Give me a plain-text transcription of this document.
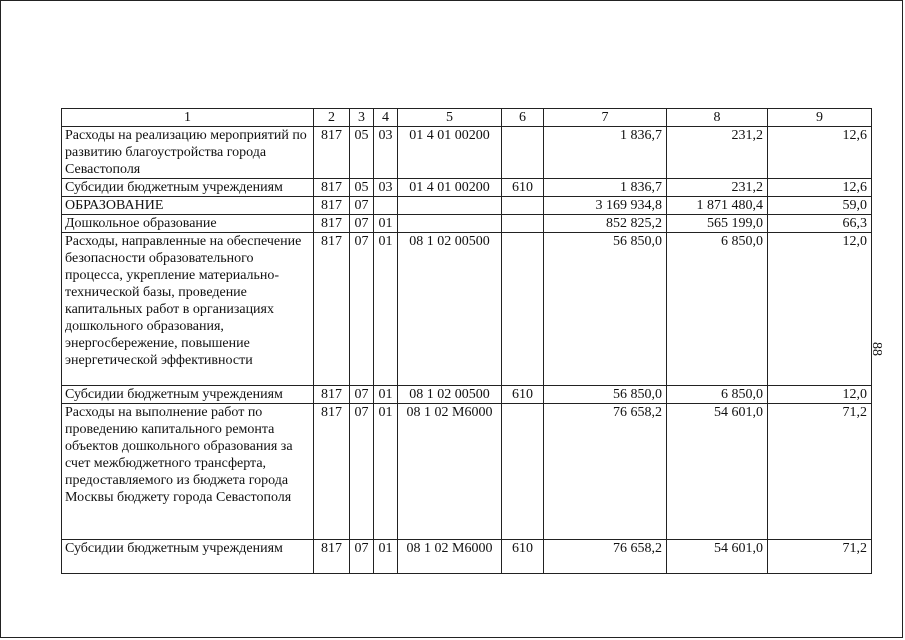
88
1	2	3	4	5	6	7	8	9
Расходы на реализацию мероприятий по развитию благоустройства города Севастополя	817	05	03	01 4 01 00200		1 836,7	231,2	12,6
Субсидии бюджетным учреждениям	817	05	03	01 4 01 00200	610	1 836,7	231,2	12,6
ОБРАЗОВАНИЕ	817	07				3 169 934,8	1 871 480,4	59,0
Дошкольное образование	817	07	01			852 825,2	565 199,0	66,3
Расходы, направленные на обеспечение безопасности образовательного процесса, укрепление материально-технической базы, проведение капитальных работ в организациях дошкольного образования, энергосбережение, повышение энергетической эффективности	817	07	01	08 1 02 00500		56 850,0	6 850,0	12,0
Субсидии бюджетным учреждениям	817	07	01	08 1 02 00500	610	56 850,0	6 850,0	12,0
Расходы на выполнение работ по проведению капитального ремонта объектов дошкольного образования за счет межбюджетного трансферта, предоставляемого из бюджета города Москвы бюджету города Севастополя	817	07	01	08 1 02 М6000		76 658,2	54 601,0	71,2
Субсидии бюджетным учреждениям	817	07	01	08 1 02 М6000	610	76 658,2	54 601,0	71,2
